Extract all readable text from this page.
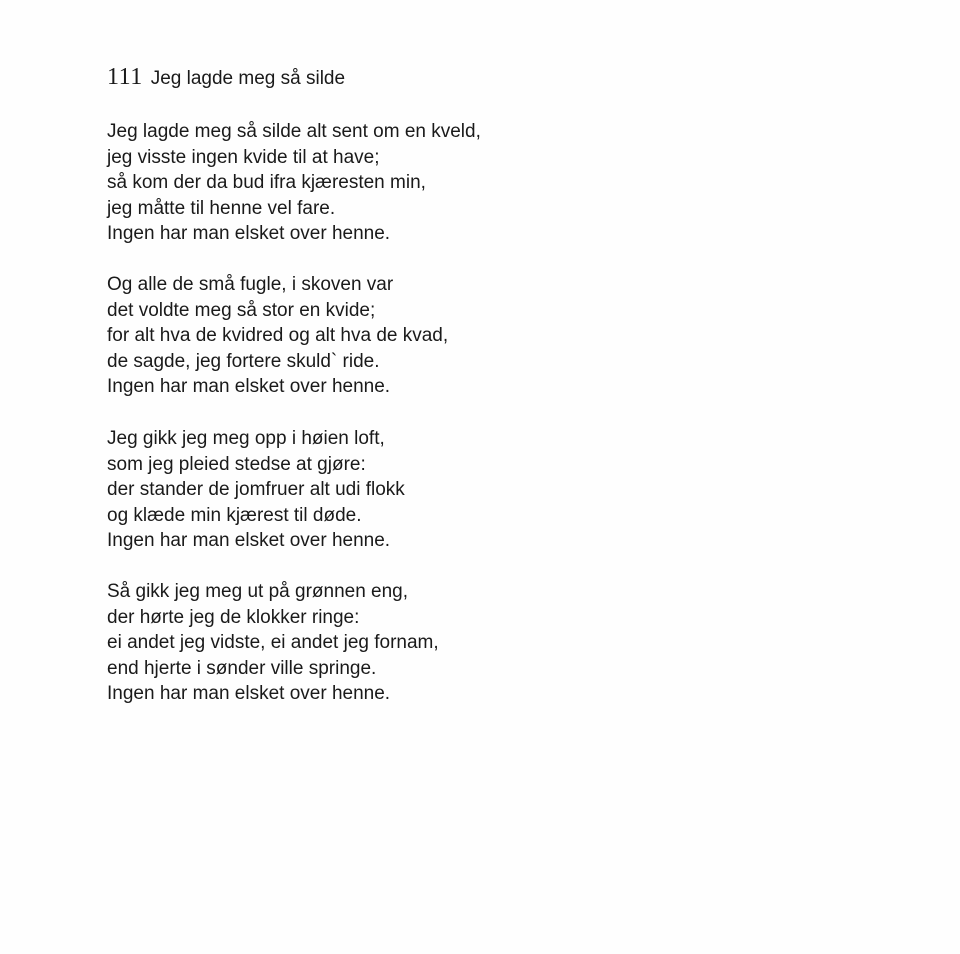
111 Jeg lagde meg så silde
Jeg lagde meg så silde alt sent om en kveld,
jeg visste ingen kvide til at have;
så kom der da bud ifra kjæresten min,
jeg måtte til henne vel fare.
Ingen har man elsket over henne.
Og alle de små fugle, i skoven var
det voldte meg så stor en kvide;
for alt hva de kvidred og alt hva de kvad,
de sagde, jeg fortere skuld` ride.
Ingen har man elsket over henne.
Jeg gikk jeg meg opp i høien loft,
som jeg pleied stedse at gjøre:
der stander de jomfruer alt udi flokk
og klæde min kjærest til døde.
Ingen har man elsket over henne.
Så gikk jeg meg ut på grønnen eng,
der hørte jeg de klokker ringe:
ei andet jeg vidste, ei andet jeg fornam,
end hjerte i sønder ville springe.
Ingen har man elsket over henne.
